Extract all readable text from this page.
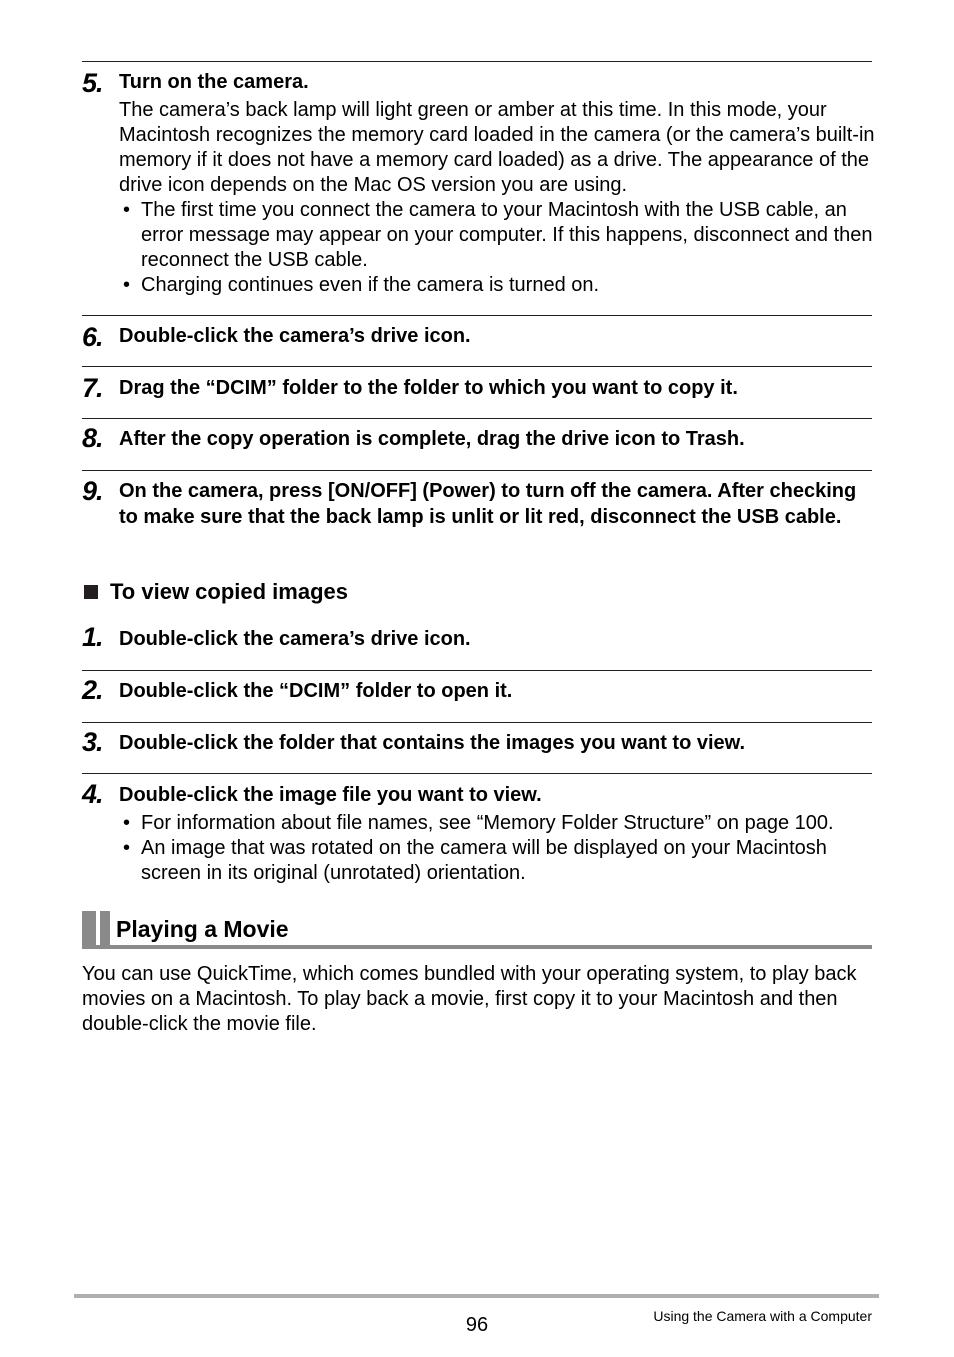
5. Turn on the camera.
The camera’s back lamp will light green or amber at this time. In this mode, your Macintosh recognizes the memory card loaded in the camera (or the camera’s built-in memory if it does not have a memory card loaded) as a drive. The appearance of the drive icon depends on the Mac OS version you are using.
• The first time you connect the camera to your Macintosh with the USB cable, an error message may appear on your computer. If this happens, disconnect and then reconnect the USB cable.
• Charging continues even if the camera is turned on.
6. Double-click the camera’s drive icon.
7. Drag the “DCIM” folder to the folder to which you want to copy it.
8. After the copy operation is complete, drag the drive icon to Trash.
9. On the camera, press [ON/OFF] (Power) to turn off the camera. After checking to make sure that the back lamp is unlit or lit red, disconnect the USB cable.
To view copied images
1. Double-click the camera’s drive icon.
2. Double-click the “DCIM” folder to open it.
3. Double-click the folder that contains the images you want to view.
4. Double-click the image file you want to view.
• For information about file names, see “Memory Folder Structure” on page 100.
• An image that was rotated on the camera will be displayed on your Macintosh screen in its original (unrotated) orientation.
Playing a Movie
You can use QuickTime, which comes bundled with your operating system, to play back movies on a Macintosh. To play back a movie, first copy it to your Macintosh and then double-click the movie file.
96	Using the Camera with a Computer
